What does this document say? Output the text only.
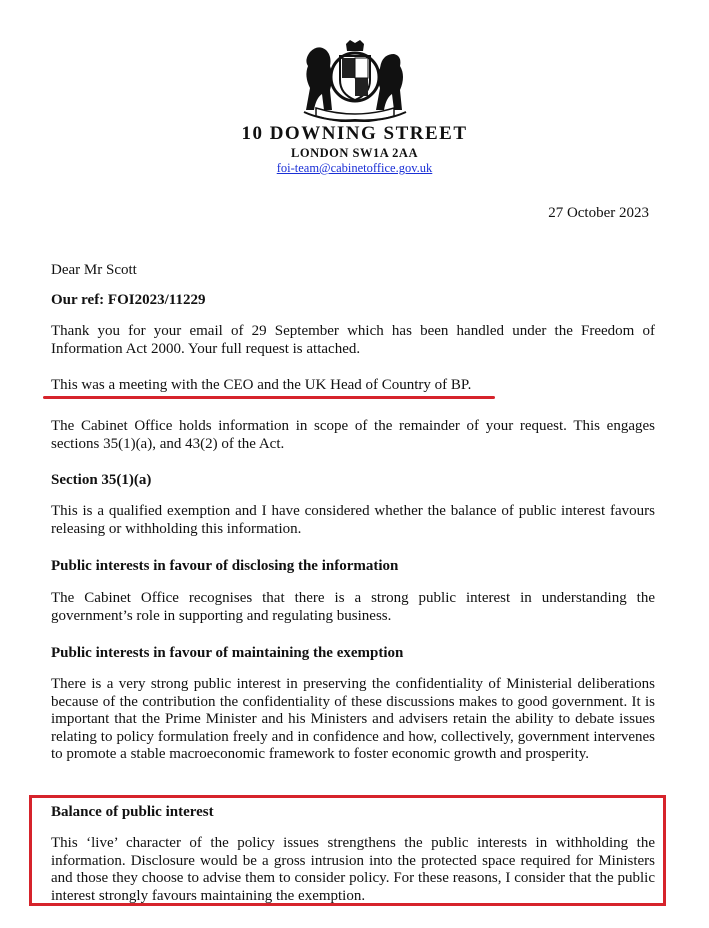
10 DOWNING STREET
LONDON SW1A 2AA
foi-team@cabinetoffice.gov.uk
27 October 2023
Dear Mr Scott
Our ref: FOI2023/11229
Thank you for your email of 29 September which has been handled under the Freedom of Information Act 2000. Your full request is attached.
This was a meeting with the CEO and the UK Head of Country of BP.
The Cabinet Office holds information in scope of the remainder of your request. This engages sections 35(1)(a), and 43(2) of the Act.
Section 35(1)(a)
This is a qualified exemption and I have considered whether the balance of public interest favours releasing or withholding this information.
Public interests in favour of disclosing the information
The Cabinet Office recognises that there is a strong public interest in understanding the government’s role in supporting and regulating business.
Public interests in favour of maintaining the exemption
There is a very strong public interest in preserving the confidentiality of Ministerial deliberations because of the contribution the confidentiality of these discussions makes to good government. It is important that the Prime Minister and his Ministers and advisers retain the ability to debate issues relating to policy formulation freely and in confidence and how, collectively, government intervenes to promote a stable macroeconomic framework to foster economic growth and prosperity.
Balance of public interest
This ‘live’ character of the policy issues strengthens the public interests in withholding the information. Disclosure would be a gross intrusion into the protected space required for Ministers and those they choose to advise them to consider policy. For these reasons, I consider that the public interest strongly favours maintaining the exemption.
